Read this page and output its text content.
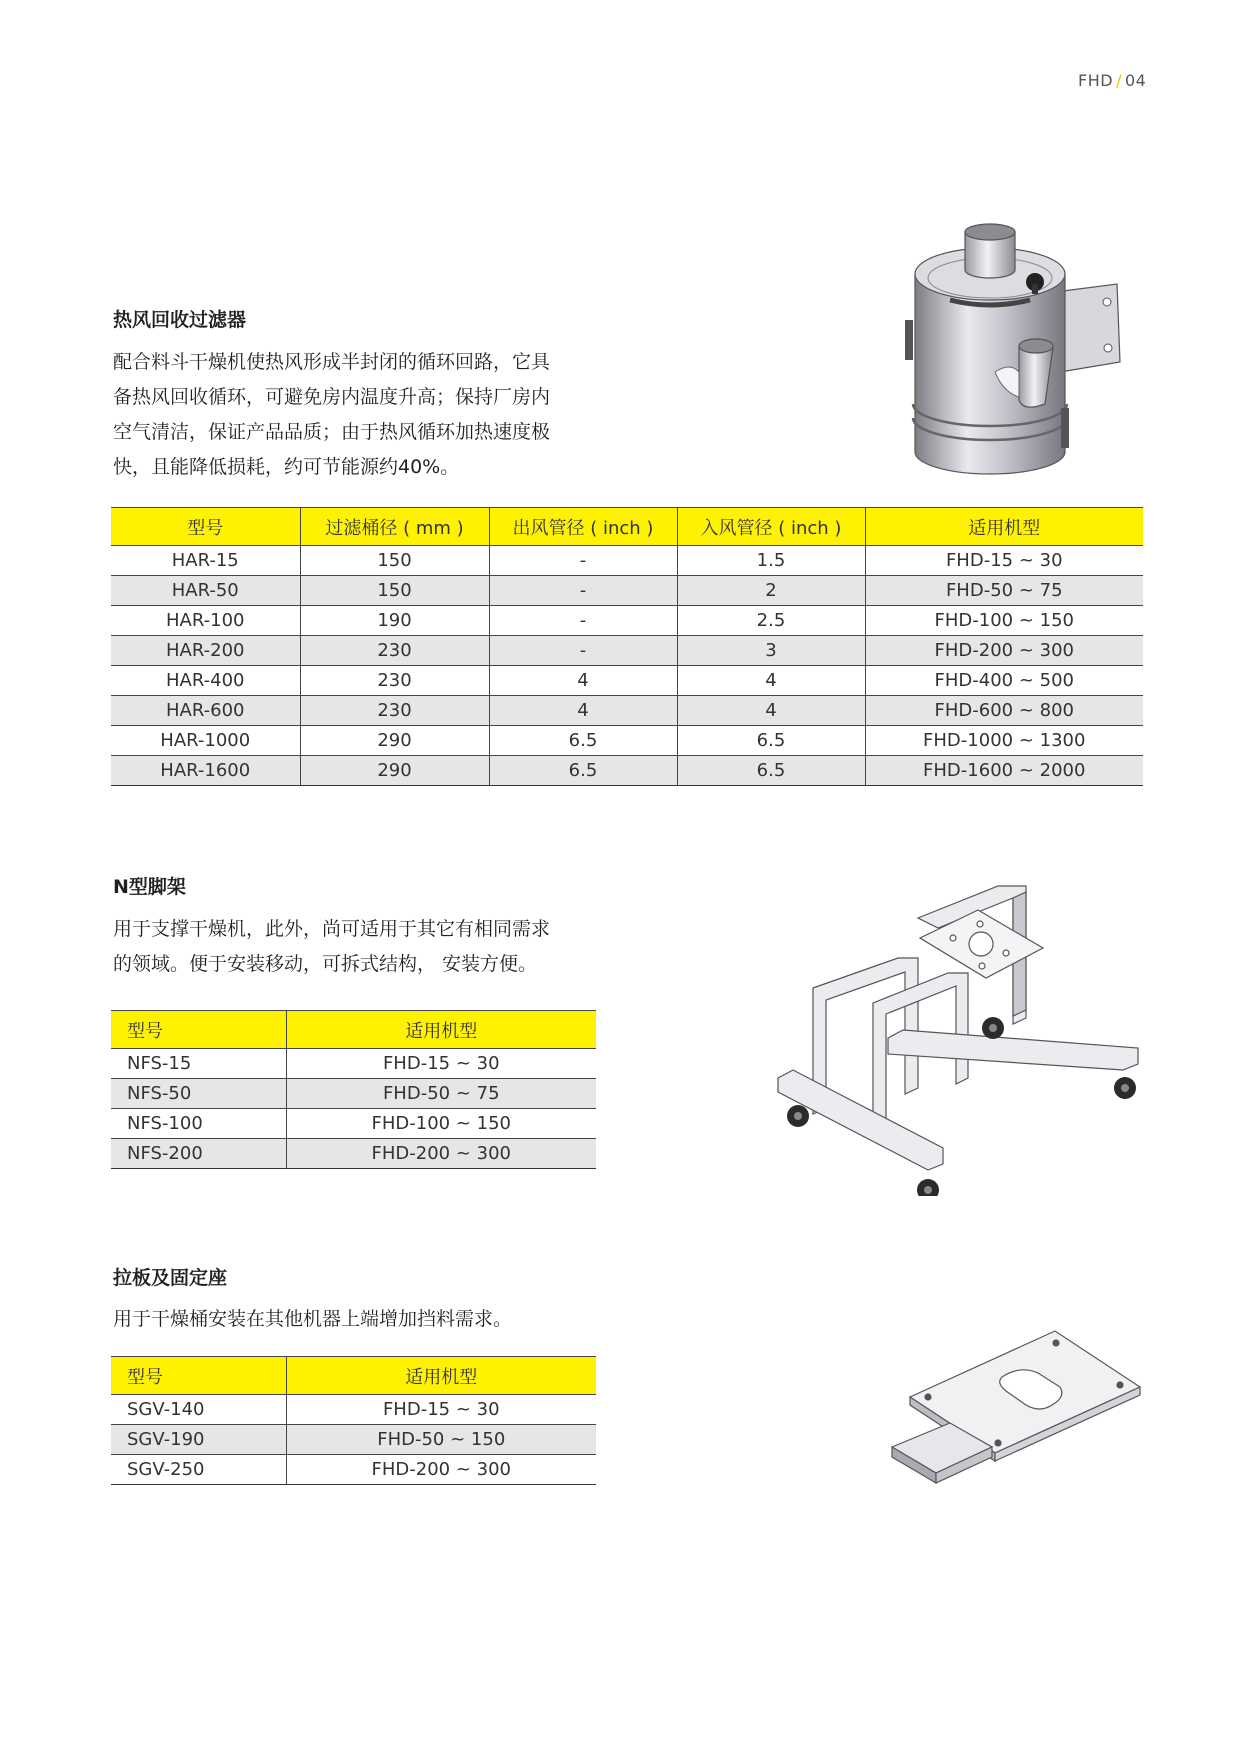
FHD / 04
热风回收过滤器
配合料斗干燥机使热风形成半封闭的循环回路，它具
备热风回收循环，可避免房内温度升高；保持厂房内
空气清洁，保证产品品质；由于热风循环加热速度极
快，且能降低损耗，约可节能源约40%。
型号	过滤桶径 ( mm )	出风管径 ( inch )	入风管径 ( inch )	适用机型
HAR-15	150	-	1.5	FHD-15 ~ 30
HAR-50	150	-	2	FHD-50 ~ 75
HAR-100	190	-	2.5	FHD-100 ~ 150
HAR-200	230	-	3	FHD-200 ~ 300
HAR-400	230	4	4	FHD-400 ~ 500
HAR-600	230	4	4	FHD-600 ~ 800
HAR-1000	290	6.5	6.5	FHD-1000 ~ 1300
HAR-1600	290	6.5	6.5	FHD-1600 ~ 2000
N型脚架
用于支撑干燥机，此外，尚可适用于其它有相同需求
的领域。便于安装移动，可拆式结构， 安装方便。
型号	适用机型
NFS-15	FHD-15 ~ 30
NFS-50	FHD-50 ~ 75
NFS-100	FHD-100 ~ 150
NFS-200	FHD-200 ~ 300
拉板及固定座
用于干燥桶安装在其他机器上端增加挡料需求。
型号	适用机型
SGV-140	FHD-15 ~ 30
SGV-190	FHD-50 ~ 150
SGV-250	FHD-200 ~ 300
